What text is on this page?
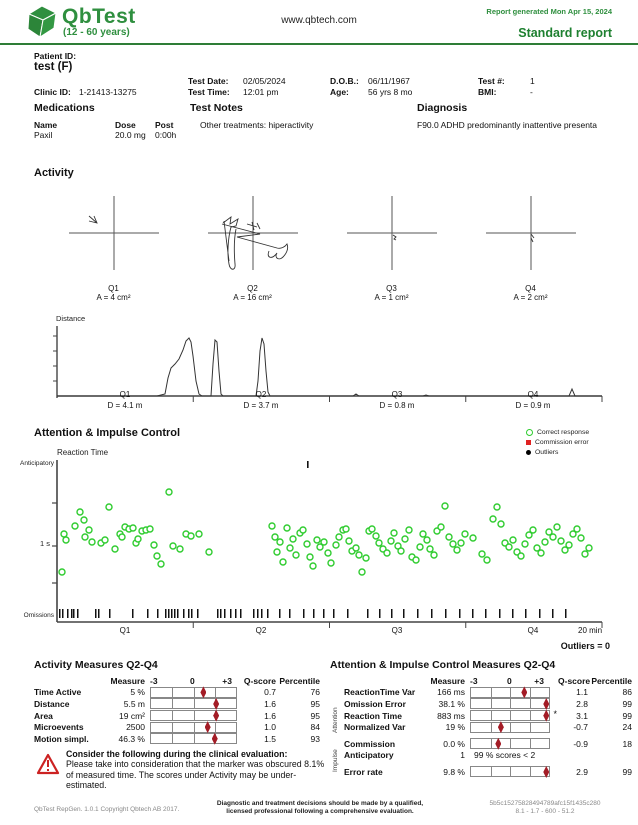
QbTest
(12 - 60 years)
www.qbtech.com
Report generated Mon Apr 15, 2024
Standard report
Patient ID:
test (F)
Test Date: 02/05/2024	D.O.B.: 06/11/1967	Test #:	1
Clinic ID: 1-21413-13275	Test Time: 12:01 pm	Age: 56 yrs 8 mo	BMI:	-
Medications	Test Notes	Diagnosis
Name	Dose Post
Paxil	20.0 mg 0:00h
Other treatments: hiperactivity	F90.0 ADHD predominantly inattentive presenta
Activity
Q1
A = 4 cm²
Q2
A = 16 cm²
Q3
A = 1 cm²
Q4
A = 2 cm²
Distance
Q1	Q2	Q3	Q4
D = 4.1 m	D = 3.7 m	D = 0.8 m	D = 0.9 m
Attention & Impulse Control	Correct response
Commission error
Outliers
Reaction Time
Anticipatory
1 s
Omissions
Q1	Q2	Q3	Q4	20 min
Outliers = 0
Activity Measures Q2-Q4
Measure -3	0	+3 Q-score Percentile
Time Active	5 %	0.7	76
Distance	5.5 m	1.6	95
Area	19 cm²	1.6	95
Microevents	2500	1.0	84
Motion simpl.	46.3 %	1.5	93
Attention & Impulse Control Measures Q2-Q4
Attention
Impulse
Measure -3	0	+3 Q-score Percentile
ReactionTime Var	166 ms	1.1	86
Omission Error	38.1 %	2.8	99
Reaction Time	883 ms	*	3.1	99
Normalized Var	19 %	-0.7	24
Commission	0.0 %	-0.9	18
Anticipatory	1	99 % scores < 2
Error rate	9.8 %	2.9	99
Consider the following during the clinical evaluation:
Please take into consideration that the marker was obscured 8.1%
of measured time. The scores under Activity may be under-
estimated.
QbTest RepGen. 1.0.1 Copyright Qbtech AB 2017.
Diagnostic and treatment decisions should be made by a qualified,
licensed professional following a comprehensive evaluation.
5b5c15275828494789afc15f1435c280
8.1 - 1.7 - 600 - 51.2
